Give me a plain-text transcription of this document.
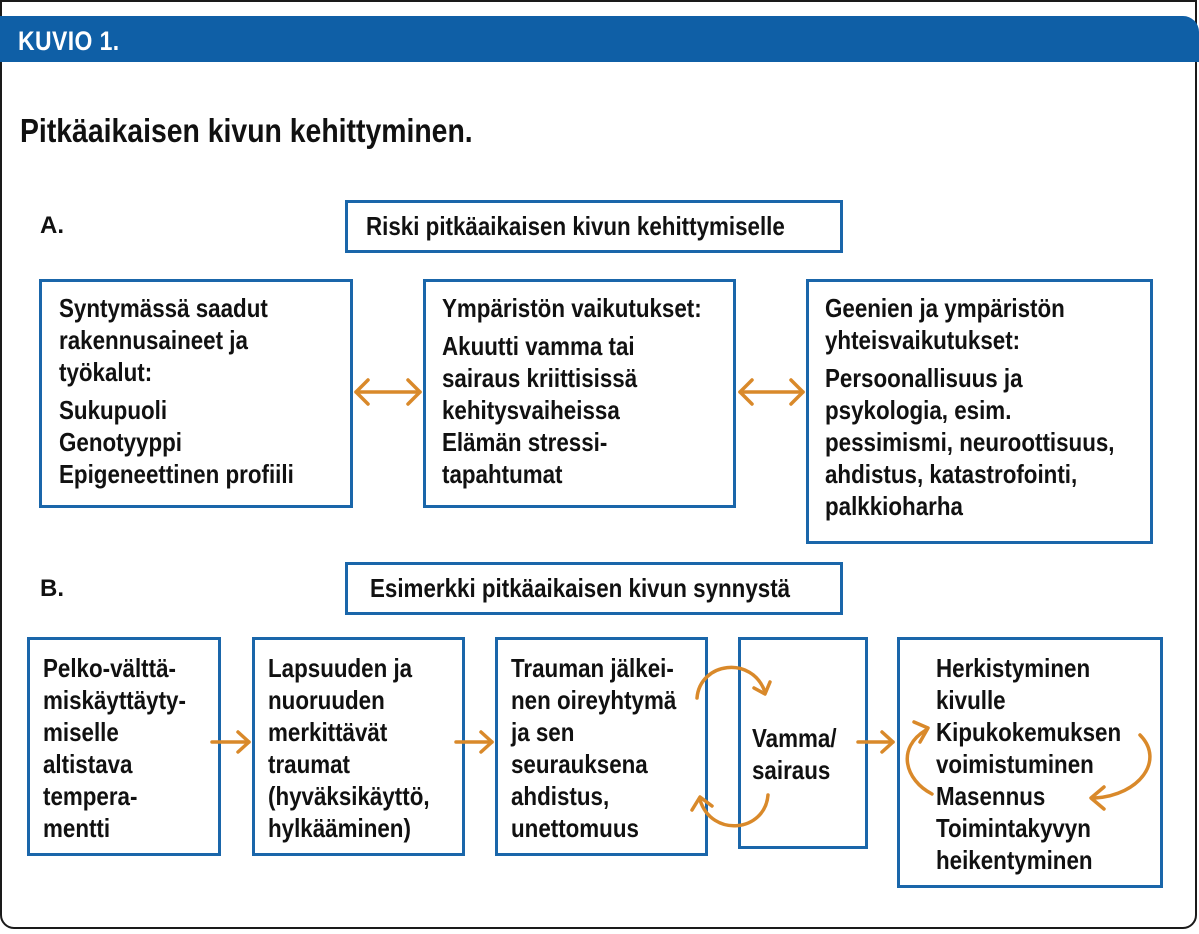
KUVIO 1.
Pitkäaikaisen kivun kehittyminen.
A.	Riski pitkäaikaisen kivun kehittymiselle
Syntymässä saadut
rakennusaineet ja
työkalut:
Sukupuoli
Genotyyppi
Epigeneettinen profiili
Ympäristön vaikutukset:
Akuutti vamma tai
sairaus kriittisissä
kehitysvaiheissa
Elämän stressi-
tapahtumat
Geenien ja ympäristön
yhteisvaikutukset:
Persoonallisuus ja
psykologia, esim.
pessimismi, neuroottisuus,
ahdistus, katastrofointi,
palkkioharha
B.	Esimerkki pitkäaikaisen kivun synnystä
Pelko-välttä-
miskäyttäyty-
miselle
altistava
tempera-
mentti
Lapsuuden ja
nuoruuden
merkittävät
traumat
(hyväksikäyttö,
hylkääminen)
Trauman jälkei-
nen oireyhtymä
ja sen
seurauksena
ahdistus,
unettomuus
Vamma/
sairaus
Herkistyminen
kivulle
Kipukokemuksen
voimistuminen
Masennus
Toimintakyvyn
heikentyminen
